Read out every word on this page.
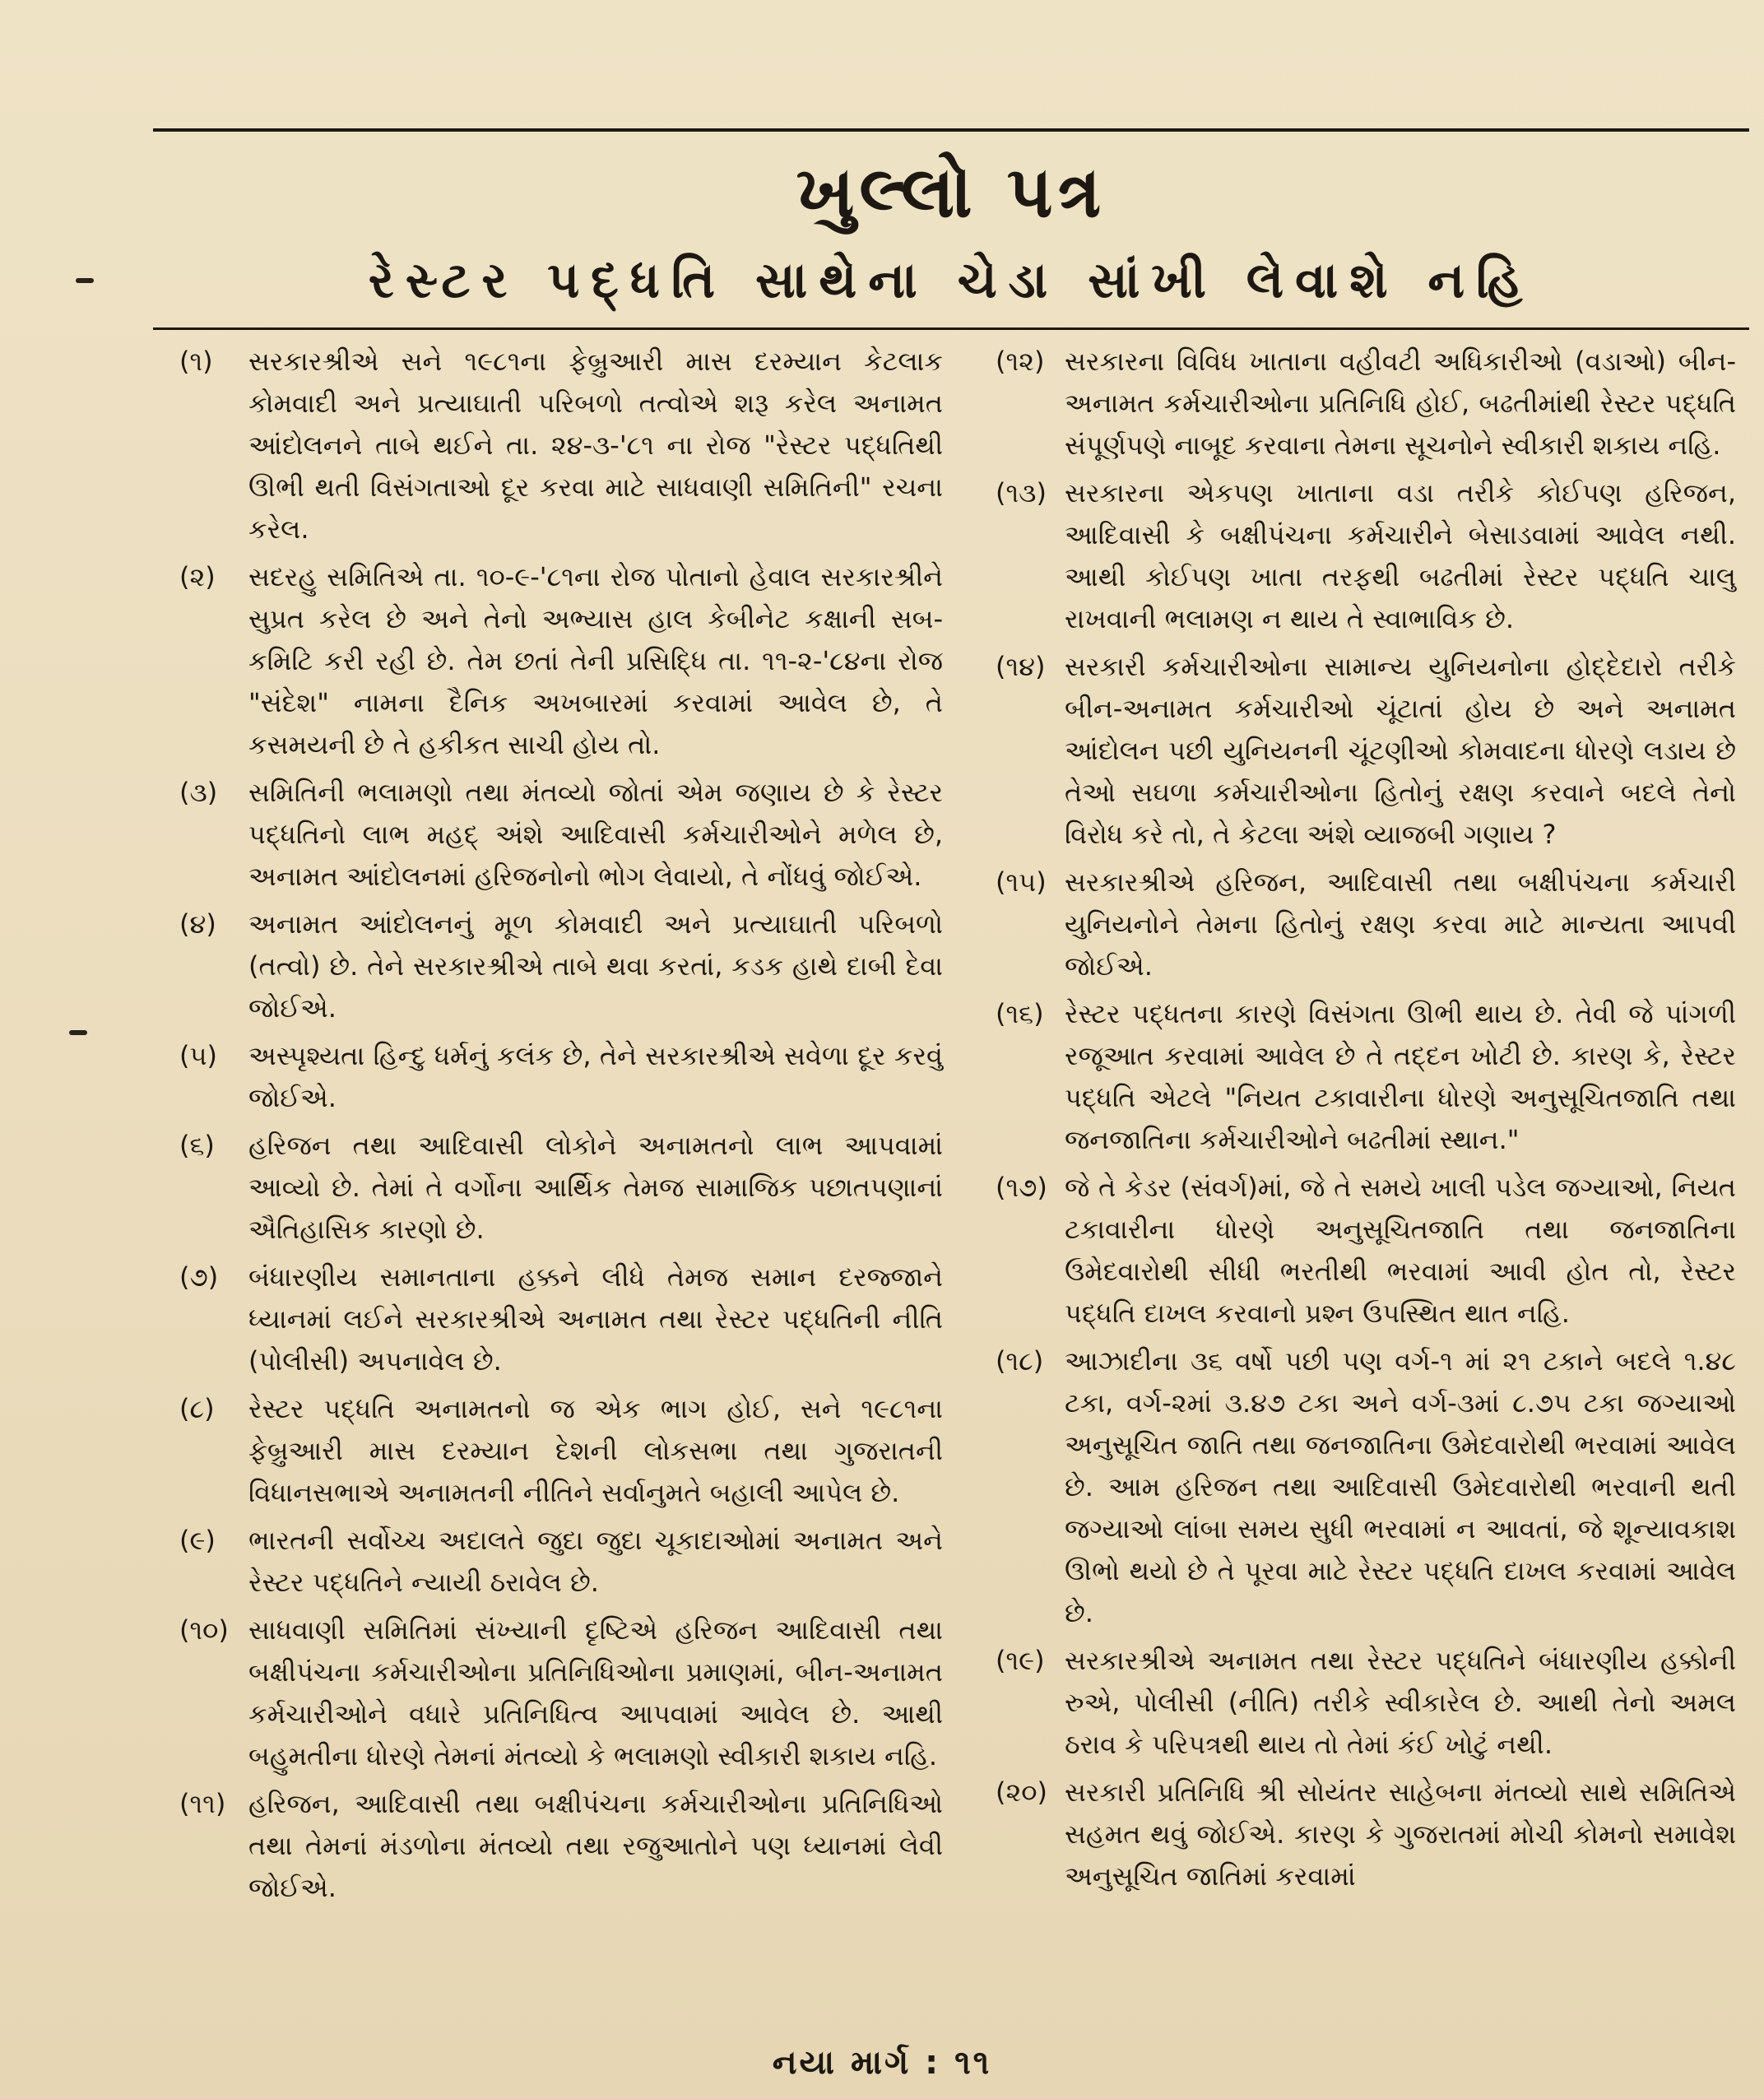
ખુલ્લો પત્ર
રેસ્ટર પદ્ધતિ સાથેના ચેડા સાંખી લેવાશે નહિ
(૧)	સરકારશ્રીએ સને ૧૯૮૧ના ફેબ્રુઆરી માસ દરમ્યાન કેટલાક કોમવાદી અને પ્રત્યાઘાતી પરિબળો તત્વોએ શરૂ કરેલ અનામત આંદોલનને તાબે થઈને તા. ૨૪-૩-'૮૧ ના રોજ "રેસ્ટર પદ્ધતિથી ઊભી થતી વિસંગતાઓ દૂર કરવા માટે સાધવાણી સમિતિની" રચના કરેલ.
(૨)	સદરહુ સમિતિએ તા. ૧૦-૯-'૮૧ના રોજ પોતાનો હેવાલ સરકારશ્રીને સુપ્રત કરેલ છે અને તેનો અભ્યાસ હાલ કેબીનેટ કક્ષાની સબ-કમિટિ કરી રહી છે. તેમ છતાં તેની પ્રસિદ્ધિ તા. ૧૧-૨-'૮૪ના રોજ "સંદેશ" નામના દૈનિક અખબારમાં કરવામાં આવેલ છે, તે કસમયની છે તે હકીકત સાચી હોય તો.
(૩)	સમિતિની ભલામણો તથા મંતવ્યો જોતાં એમ જણાય છે કે રેસ્ટર પદ્ધતિનો લાભ મહદ્ અંશે આદિવાસી કર્મચારીઓને મળેલ છે, અનામત આંદોલનમાં હરિજનોનો ભોગ લેવાયો, તે નોંધવું જોઈએ.
(૪)	અનામત આંદોલનનું મૂળ કોમવાદી અને પ્રત્યાઘાતી પરિબળો (તત્વો) છે. તેને સરકારશ્રીએ તાબે થવા કરતાં, કડક હાથે દાબી દેવા જોઈએ.
(૫)	અસ્પૃશ્યતા હિન્દુ ધર્મનું કલંક છે, તેને સરકારશ્રીએ સવેળા દૂર કરવું જોઈએ.
(૬)	હરિજન તથા આદિવાસી લોકોને અનામતનો લાભ આપવામાં આવ્યો છે. તેમાં તે વર્ગોના આર્થિક તેમજ સામાજિક પછાતપણાનાં ઐતિહાસિક કારણો છે.
(૭)	બંધારણીય સમાનતાના હક્કને લીધે તેમજ સમાન દરજ્જાને ધ્યાનમાં લઈને સરકારશ્રીએ અનામત તથા રેસ્ટર પદ્ધતિની નીતિ (પોલીસી) અપનાવેલ છે.
(૮)	રેસ્ટર પદ્ધતિ અનામતનો જ એક ભાગ હોઈ, સને ૧૯૮૧ના ફેબ્રુઆરી માસ દરમ્યાન દેશની લોકસભા તથા ગુજરાતની વિધાનસભાએ અનામતની નીતિને સર્વાનુમતે બહાલી આપેલ છે.
(૯)	ભારતની સર્વોચ્ચ અદાલતે જુદા જુદા ચૂકાદાઓમાં અનામત અને રેસ્ટર પદ્ધતિને ન્યાયી ઠરાવેલ છે.
(૧૦) સાધવાણી સમિતિમાં સંખ્યાની દૃષ્ટિએ હરિજન આદિવાસી તથા બક્ષીપંચના કર્મચારીઓના પ્રતિનિધિઓના પ્રમાણમાં, બીન-અનામત કર્મચારીઓને વધારે પ્રતિનિધિત્વ આપવામાં આવેલ છે. આથી બહુમતીના ધોરણે તેમનાં મંતવ્યો કે ભલામણો સ્વીકારી શકાય નહિ.
(૧૧) હરિજન, આદિવાસી તથા બક્ષીપંચના કર્મચારીઓના પ્રતિનિધિઓ તથા તેમનાં મંડળોના મંતવ્યો તથા રજુઆતોને પણ ધ્યાનમાં લેવી જોઈએ.
(૧૨) સરકારના વિવિધ ખાતાના વહીવટી અધિકારીઓ (વડાઓ) બીન-અનામત કર્મચારીઓના પ્રતિનિધિ હોઈ, બઢતીમાંથી રેસ્ટર પદ્ધતિ સંપૂર્ણપણે નાબૂદ કરવાના તેમના સૂચનોને સ્વીકારી શકાય નહિ.
(૧૩) સરકારના એકપણ ખાતાના વડા તરીકે કોઈપણ હરિજન, આદિવાસી કે બક્ષીપંચના કર્મચારીને બેસાડવામાં આવેલ નથી. આથી કોઈપણ ખાતા તરફથી બઢતીમાં રેસ્ટર પદ્ધતિ ચાલુ રાખવાની ભલામણ ન થાય તે સ્વાભાવિક છે.
(૧૪) સરકારી કર્મચારીઓના સામાન્ય યુનિયનોના હોદ્દેદારો તરીકે બીન-અનામત કર્મચારીઓ ચૂંટાતાં હોય છે અને અનામત આંદોલન પછી યુનિયનની ચૂંટણીઓ કોમવાદના ધોરણે લડાય છે તેઓ સઘળા કર્મચારીઓના હિતોનું રક્ષણ કરવાને બદલે તેનો વિરોધ કરે તો, તે કેટલા અંશે વ્યાજબી ગણાય ?
(૧૫) સરકારશ્રીએ હરિજન, આદિવાસી તથા બક્ષીપંચના કર્મચારી યુનિયનોને તેમના હિતોનું રક્ષણ કરવા માટે માન્યતા આપવી જોઈએ.
(૧૬) રેસ્ટર પદ્ધતના કારણે વિસંગતા ઊભી થાય છે. તેવી જે પાંગળી રજૂઆત કરવામાં આવેલ છે તે તદ્દન ખોટી છે. કારણ કે, રેસ્ટર પદ્ધતિ એટલે "નિયત ટકાવારીના ધોરણે અનુસૂચિતજાતિ તથા જનજાતિના કર્મચારીઓને બઢતીમાં સ્થાન."
(૧૭) જે તે કેડર (સંવર્ગ)માં, જે તે સમયે ખાલી પડેલ જગ્યાઓ, નિયત ટકાવારીના ધોરણે અનુસૂચિતજાતિ તથા જનજાતિના ઉમેદવારોથી સીધી ભરતીથી ભરવામાં આવી હોત તો, રેસ્ટર પદ્ધતિ દાખલ કરવાનો પ્રશ્ન ઉપસ્થિત થાત નહિ.
(૧૮) આઝાદીના ૩૬ વર્ષો પછી પણ વર્ગ-૧ માં ૨૧ ટકાને બદલે ૧.૪૮ ટકા, વર્ગ-૨માં ૩.૪૭ ટકા અને વર્ગ-૩માં ૮.૭૫ ટકા જગ્યાઓ અનુસૂચિત જાતિ તથા જનજાતિના ઉમેદવારોથી ભરવામાં આવેલ છે. આમ હરિજન તથા આદિવાસી ઉમેદવારોથી ભરવાની થતી જગ્યાઓ લાંબા સમય સુધી ભરવામાં ન આવતાં, જે શૂન્યાવકાશ ઊભો થયો છે તે પૂરવા માટે રેસ્ટર પદ્ધતિ દાખલ કરવામાં આવેલ છે.
(૧૯) સરકારશ્રીએ અનામત તથા રેસ્ટર પદ્ધતિને બંધારણીય હક્કોની રુએ, પોલીસી (નીતિ) તરીકે સ્વીકારેલ છે. આથી તેનો અમલ ઠરાવ કે પરિપત્રથી થાય તો તેમાં કંઈ ખોટું નથી.
(૨૦) સરકારી પ્રતિનિધિ શ્રી સોયંતર સાહેબના મંતવ્યો સાથે સમિતિએ સહમત થવું જોઈએ. કારણ કે ગુજરાતમાં મોચી કોમનો સમાવેશ અનુસૂચિત જાતિમાં કરવામાં
નયા માર્ગ : ૧૧
